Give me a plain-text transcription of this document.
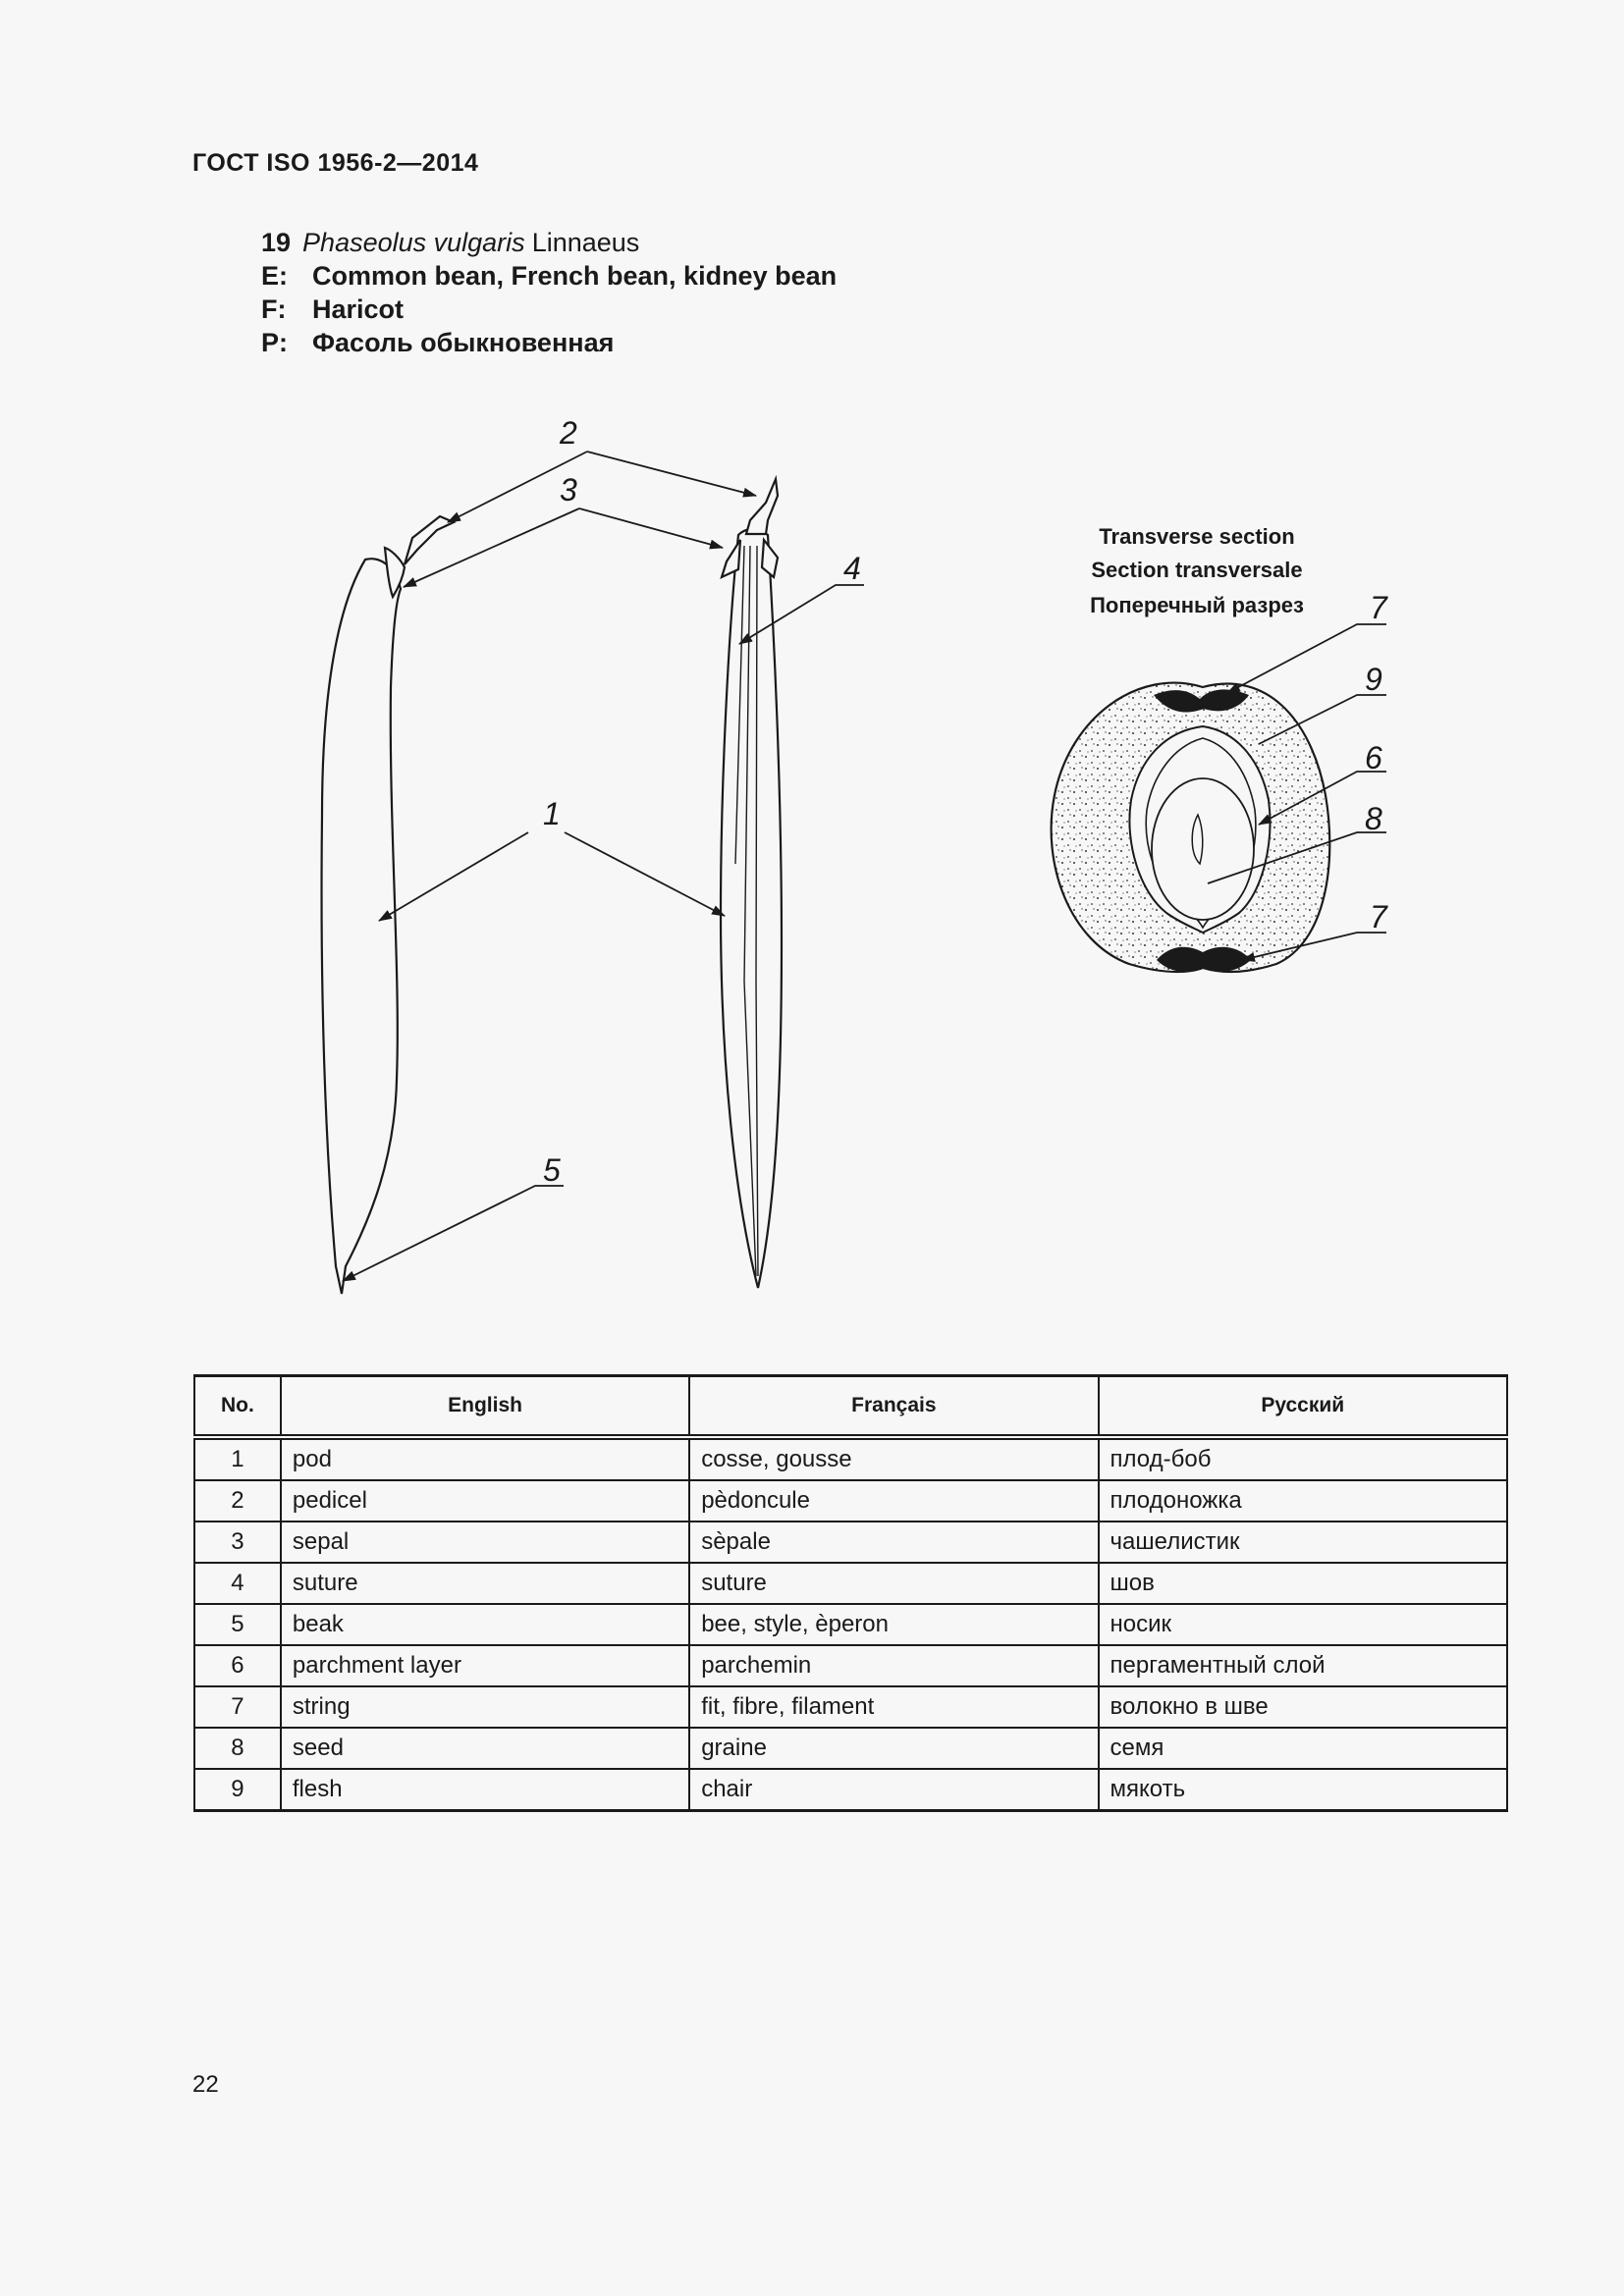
ГОСТ ISO 1956-2—2014
19 Phaseolus vulgaris Linnaeus
E: Common bean, French bean, kidney bean
F: Haricot
P: Фасоль обыкновенная
2
3
4
1
5
7
9
6
8
7
Transverse section
Section transversale
Поперечный разрез
No.	English	Français	Русский
1	pod	cosse, gousse	плод-боб
2	pedicel	pèdoncule	плодоножка
3	sepal	sèpale	чашелистик
4	suture	suture	шов
5	beak	bee, style, èperon	носик
6	parchment layer	parchemin	пергаментный слой
7	string	fit, fibre, filament	волокно в шве
8	seed	graine	семя
9	flesh	chair	мякоть
22
